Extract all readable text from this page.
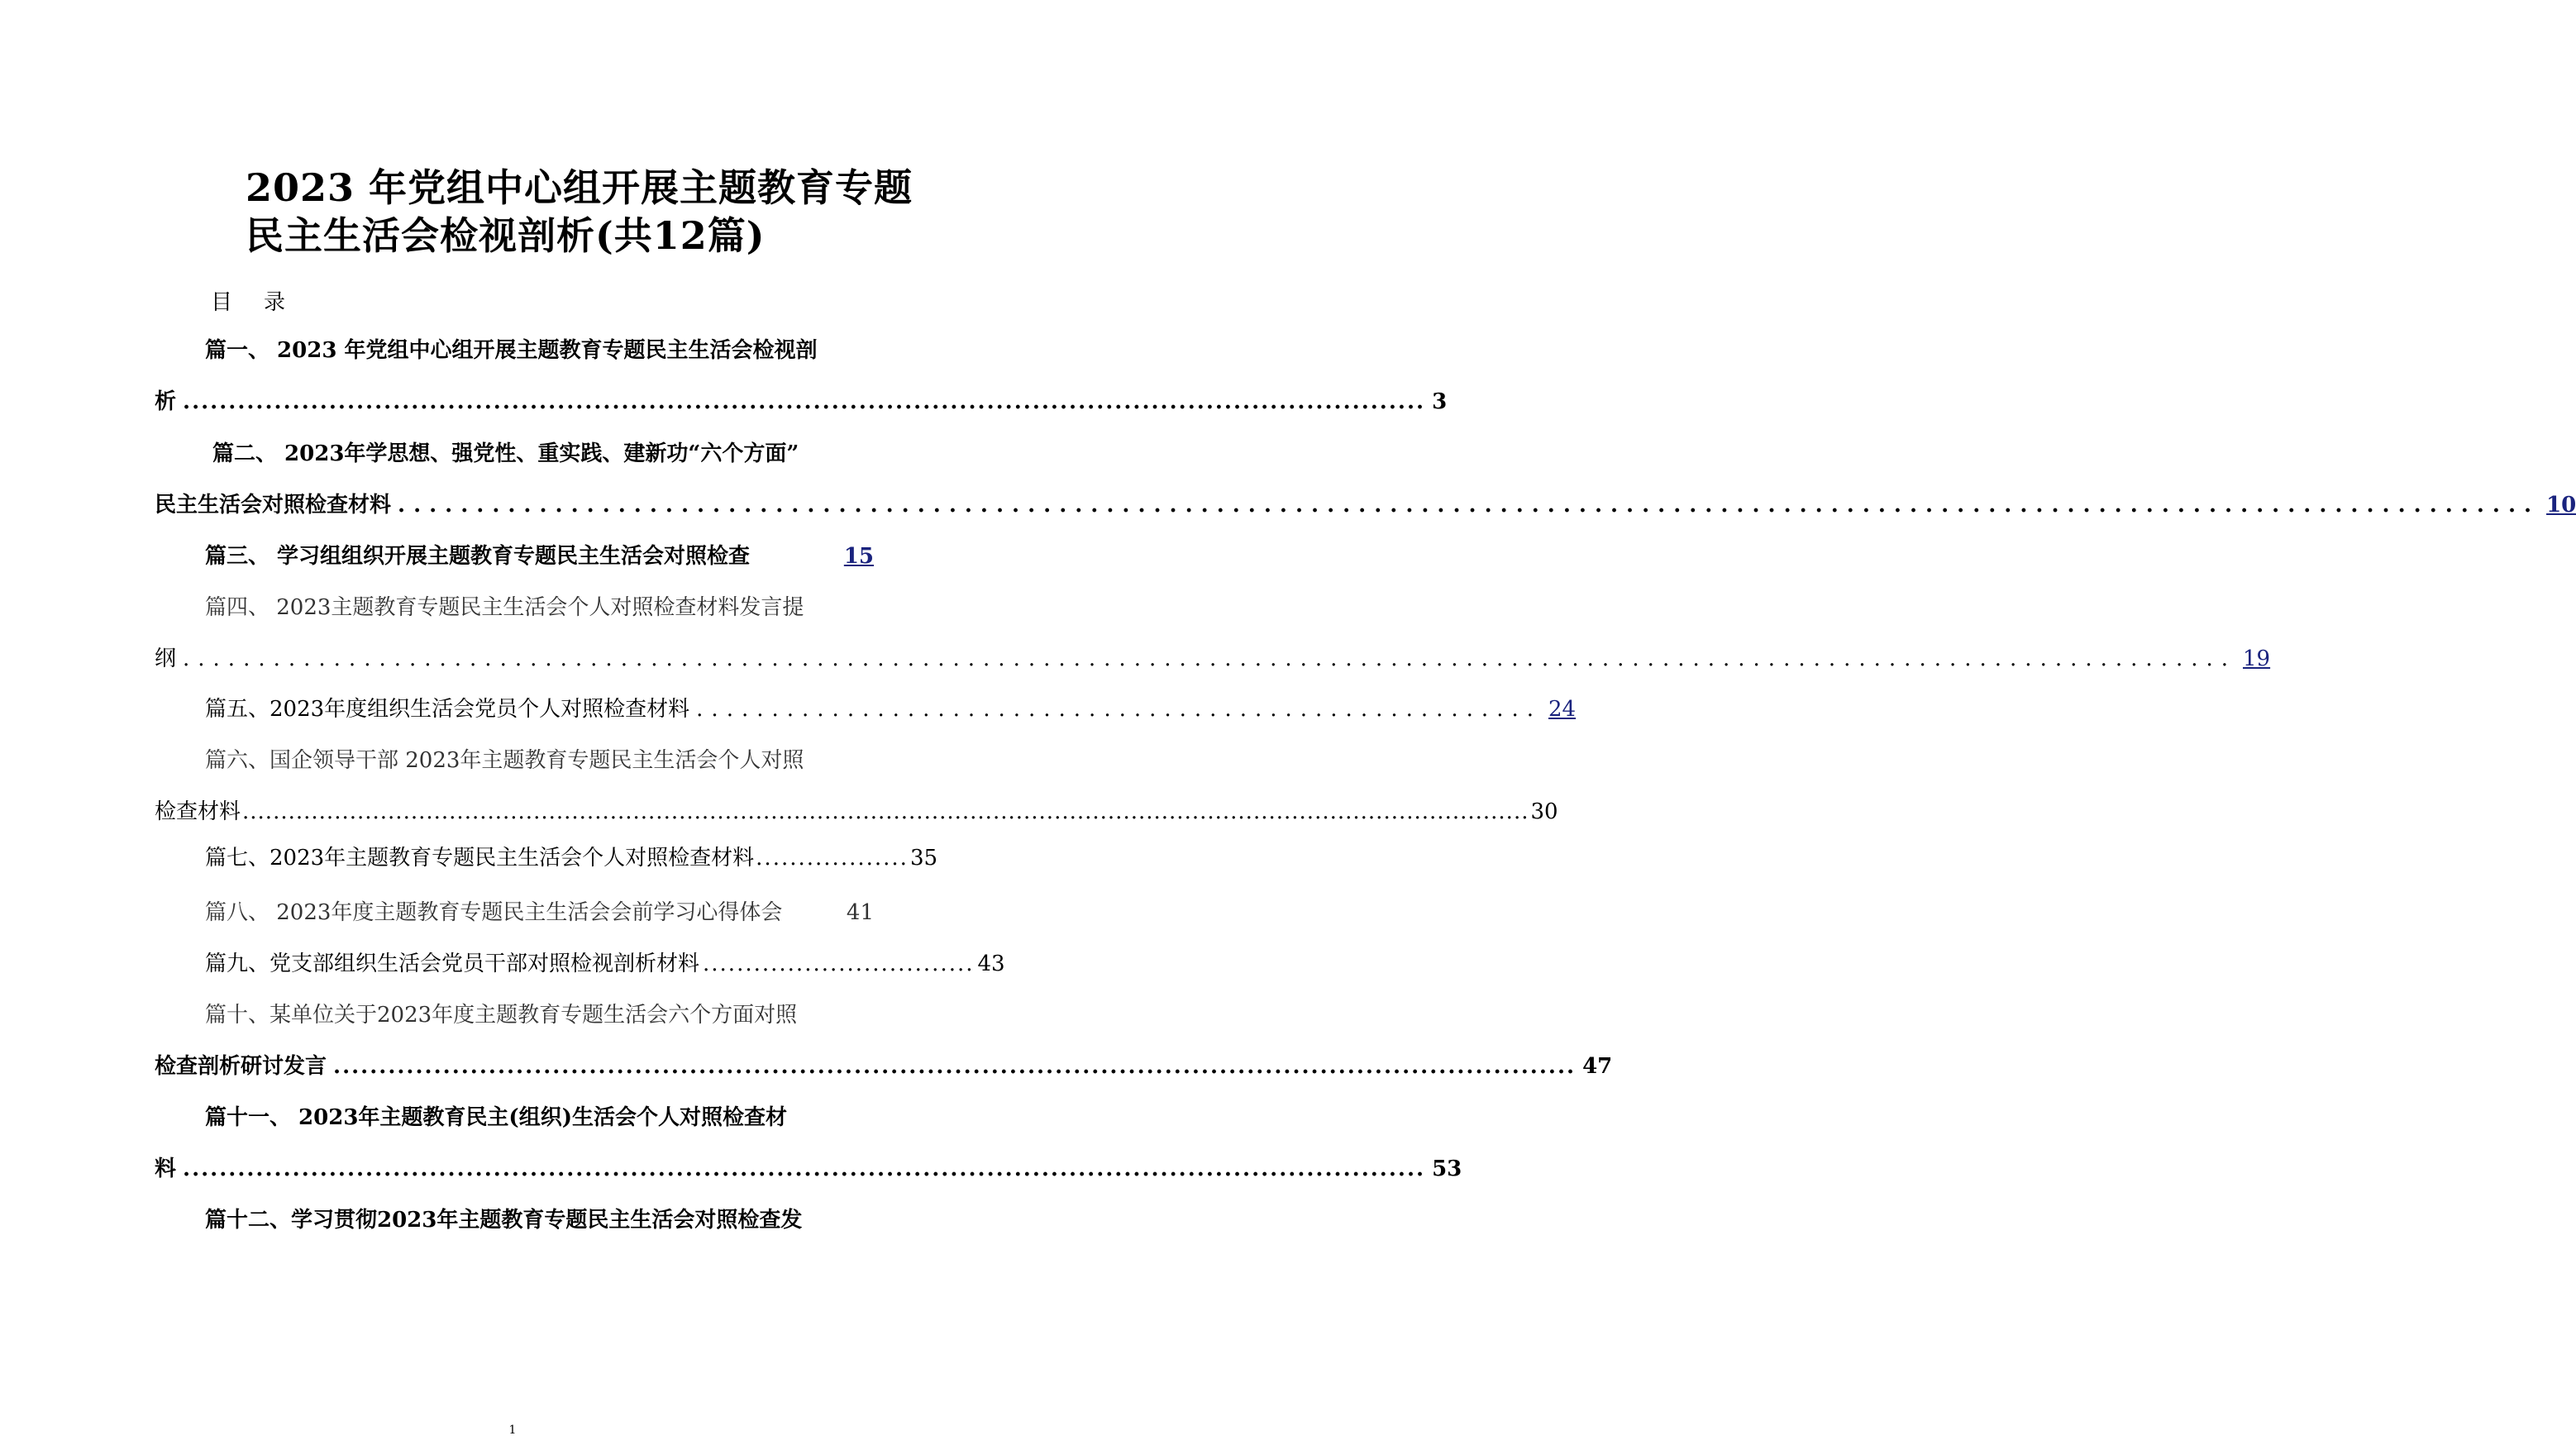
2023 年党组中心组开展主题教育专题
民主生活会检视剖析(共12篇)
目 录
篇一、 2023 年党组中心组开展主题教育专题民主生活会检视剖
析 ........................................................................................................................................ 3
篇二、 2023年学思想、强党性、重实践、建新功“六个方面”
民主生活会对照检查材料 ........................................................................................................................................ 10
篇三、 学习组组织开展主题教育专题民主生活会对照检查	15
篇四、 2023主题教育专题民主生活会个人对照检查材料发言提
纲 ........................................................................................................................................ 19
篇五、2023年度组织生活会党员个人对照检查材料 ........................................................ 24
篇六、国企领导干部 2023年主题教育专题民主生活会个人对照
检查材料 ........................................................................................................................................................................ 30
篇七、2023年主题教育专题民主生活会个人对照检查材料 .................. 35
篇八、 2023年度主题教育专题民主生活会会前学习心得体会	41
篇九、党支部组织生活会党员干部对照检视剖析材料 ................................ 43
篇十、某单位关于2023年度主题教育专题生活会六个方面对照
检查剖析研讨发言 ........................................................................................................................................ 47
篇十一、 2023年主题教育民主(组织)生活会个人对照检查材
料 ........................................................................................................................................ 53
篇十二、学习贯彻2023年主题教育专题民主生活会对照检查发
1
